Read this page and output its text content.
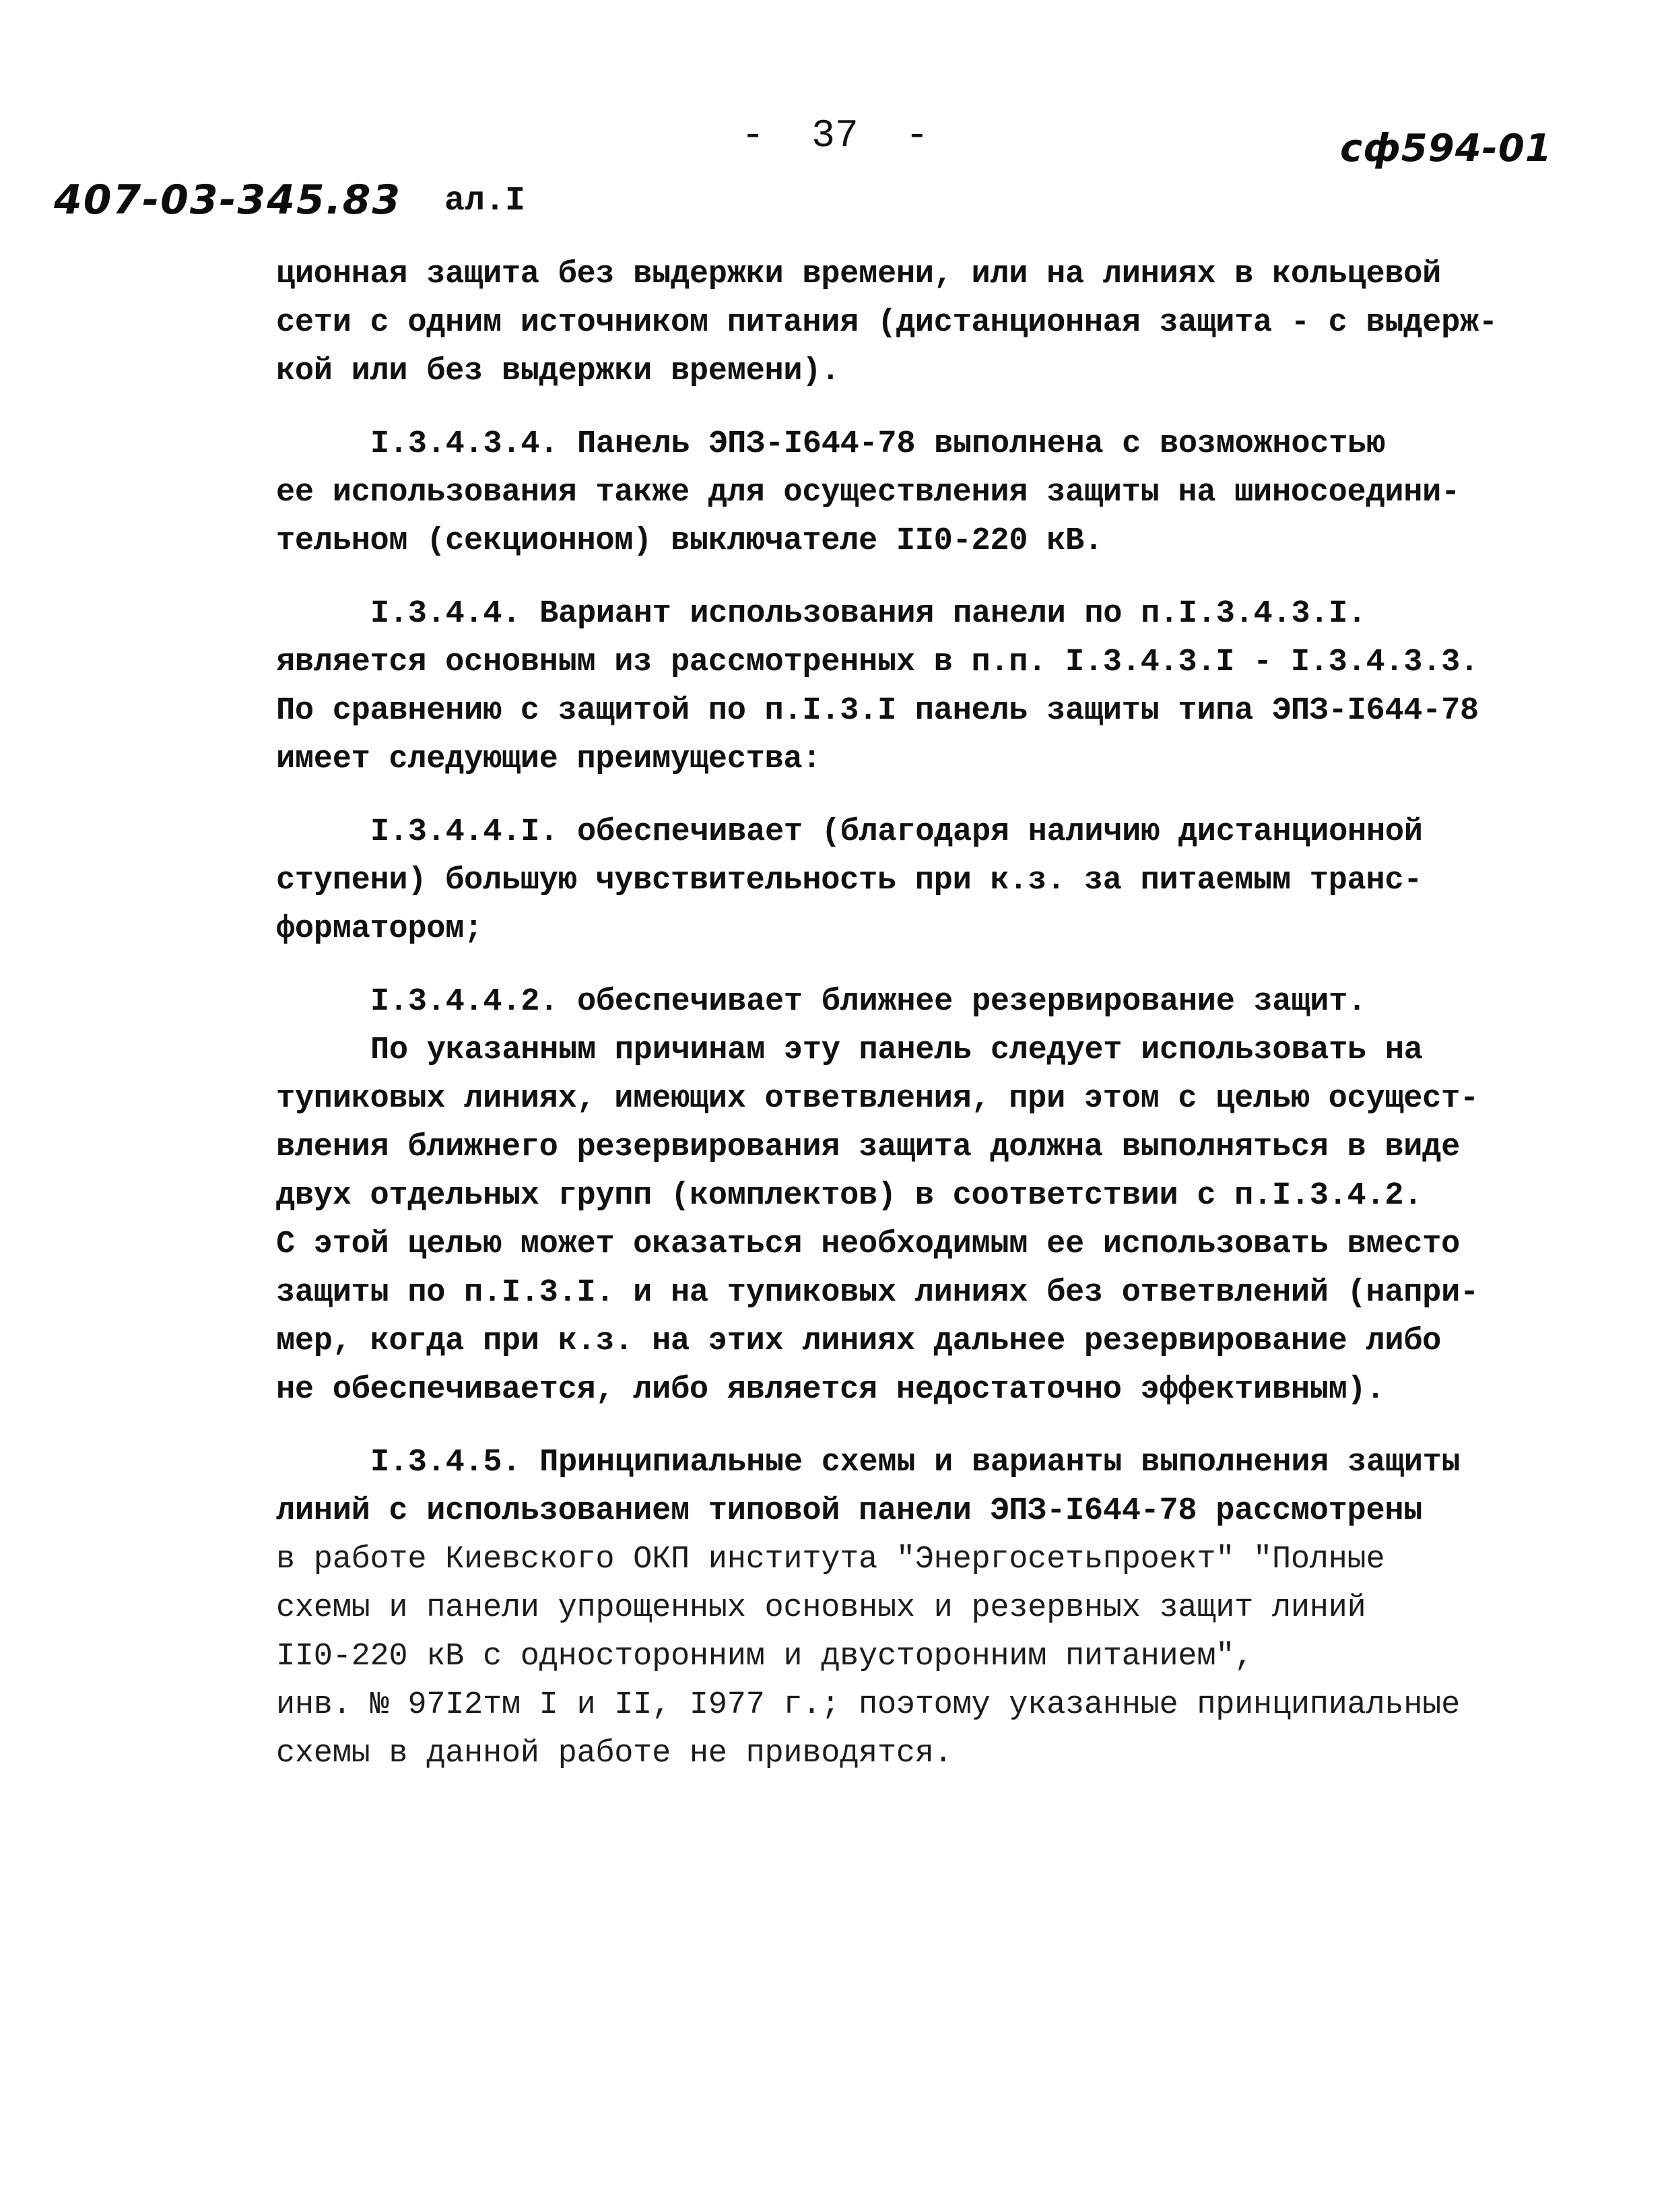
-  37  -
407-03-345.83 ал.I
сф594-01
ционная защита без выдержки времени, или на линиях в кольцевой
сети с одним источником питания (дистанционная защита - с выдерж-
кой или без выдержки времени).
I.3.4.3.4. Панель ЭПЗ-I644-78 выполнена с возможностью
ее использования также для осуществления защиты на шиносоедини-
тельном (секционном) выключателе II0-220 кВ.
I.3.4.4. Вариант использования панели по п.I.3.4.3.I.
является основным из рассмотренных в п.п. I.3.4.3.I - I.3.4.3.3.
По сравнению с защитой по п.I.3.I панель защиты типа ЭПЗ-I644-78
имеет следующие преимущества:
I.3.4.4.I. обеспечивает (благодаря наличию дистанционной
ступени) большую чувствительность при к.з. за питаемым транс-
форматором;
I.3.4.4.2. обеспечивает ближнее резервирование защит.
По указанным причинам эту панель следует использовать на
тупиковых линиях, имеющих ответвления, при этом с целью осущест-
вления ближнего резервирования защита должна выполняться в виде
двух отдельных групп (комплектов) в соответствии с п.I.3.4.2.
С этой целью может оказаться необходимым ее использовать вместо
защиты по п.I.3.I. и на тупиковых линиях без ответвлений (напри-
мер, когда при к.з. на этих линиях дальнее резервирование либо
не обеспечивается, либо является недостаточно эффективным).
I.3.4.5. Принципиальные схемы и варианты выполнения защиты
линий с использованием типовой панели ЭПЗ-I644-78 рассмотрены
в работе Киевского ОКП института "Энергосетьпроект" "Полные
схемы и панели упрощенных основных и резервных защит линий
II0-220 кВ с односторонним и двусторонним питанием",
инв. № 97I2тм I и II, I977 г.; поэтому указанные принципиальные
схемы в данной работе не приводятся.
